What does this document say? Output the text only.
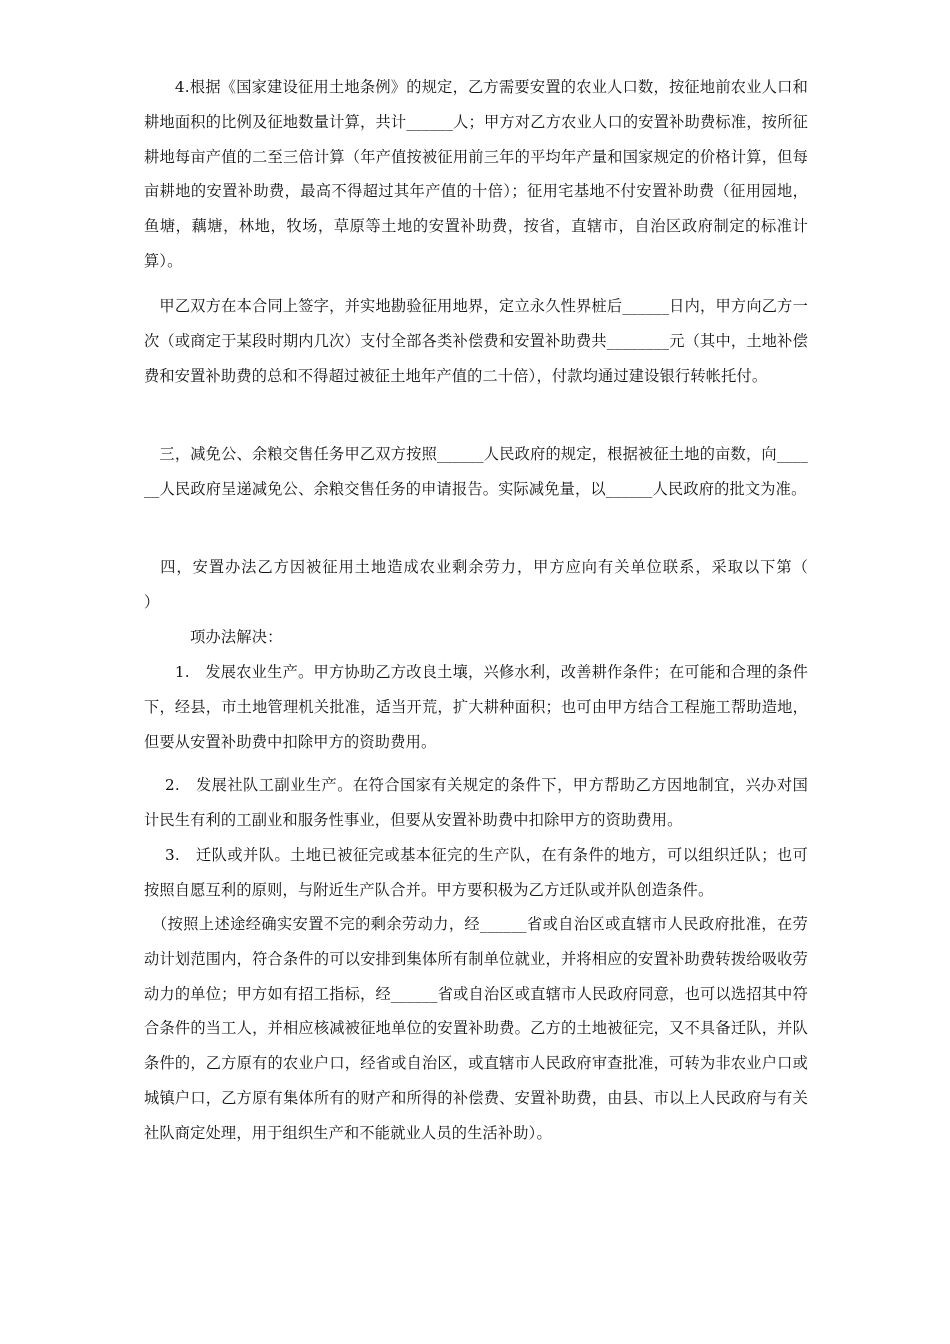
　　4.根据《国家建设征用土地条例》的规定，乙方需要安置的农业人口数，按征地前农业人口和耕地面积的比例及征地数量计算，共计______人；甲方对乙方农业人口的安置补助费标准，按所征耕地每亩产值的二至三倍计算（年产值按被征用前三年的平均年产量和国家规定的价格计算，但每亩耕地的安置补助费，最高不得超过其年产值的十倍）；征用宅基地不付安置补助费（征用园地，鱼塘，藕塘，林地，牧场，草原等土地的安置补助费，按省，直辖市，自治区政府制定的标准计算）。

　甲乙双方在本合同上签字，并实地勘验征用地界，定立永久性界桩后______日内，甲方向乙方一次（或商定于某段时期内几次）支付全部各类补偿费和安置补助费共________元（其中，土地补偿费和安置补助费的总和不得超过被征土地年产值的二十倍），付款均通过建设银行转帐托付。

　三，减免公、余粮交售任务甲乙双方按照______人民政府的规定，根据被征土地的亩数，向______人民政府呈递减免公、余粮交售任务的申请报告。实际减免量，以______人民政府的批文为准。

　四，安置办法乙方因被征用土地造成农业剩余劳力，甲方应向有关单位联系，采取以下第（　　）

　　　项办法解决：

　　1.　发展农业生产。甲方协助乙方改良土壤，兴修水利，改善耕作条件；在可能和合理的条件下，经县，市土地管理机关批准，适当开荒，扩大耕种面积；也可由甲方结合工程施工帮助造地，但要从安置补助费中扣除甲方的资助费用。

　 2.　发展社队工副业生产。在符合国家有关规定的条件下，甲方帮助乙方因地制宜，兴办对国计民生有利的工副业和服务性事业，但要从安置补助费中扣除甲方的资助费用。

　 3.　迁队或并队。土地已被征完或基本征完的生产队，在有条件的地方，可以组织迁队；也可按照自愿互利的原则，与附近生产队合并。甲方要积极为乙方迁队或并队创造条件。

　（按照上述途经确实安置不完的剩余劳动力，经______省或自治区或直辖市人民政府批准，在劳动计划范围内，符合条件的可以安排到集体所有制单位就业，并将相应的安置补助费转拨给吸收劳动力的单位；甲方如有招工指标，经______省或自治区或直辖市人民政府同意，也可以选招其中符合条件的当工人，并相应核减被征地单位的安置补助费。乙方的土地被征完，又不具备迁队，并队条件的，乙方原有的农业户口，经省或自治区，或直辖市人民政府审查批准，可转为非农业户口或城镇户口，乙方原有集体所有的财产和所得的补偿费、安置补助费，由县、市以上人民政府与有关社队商定处理，用于组织生产和不能就业人员的生活补助）。
